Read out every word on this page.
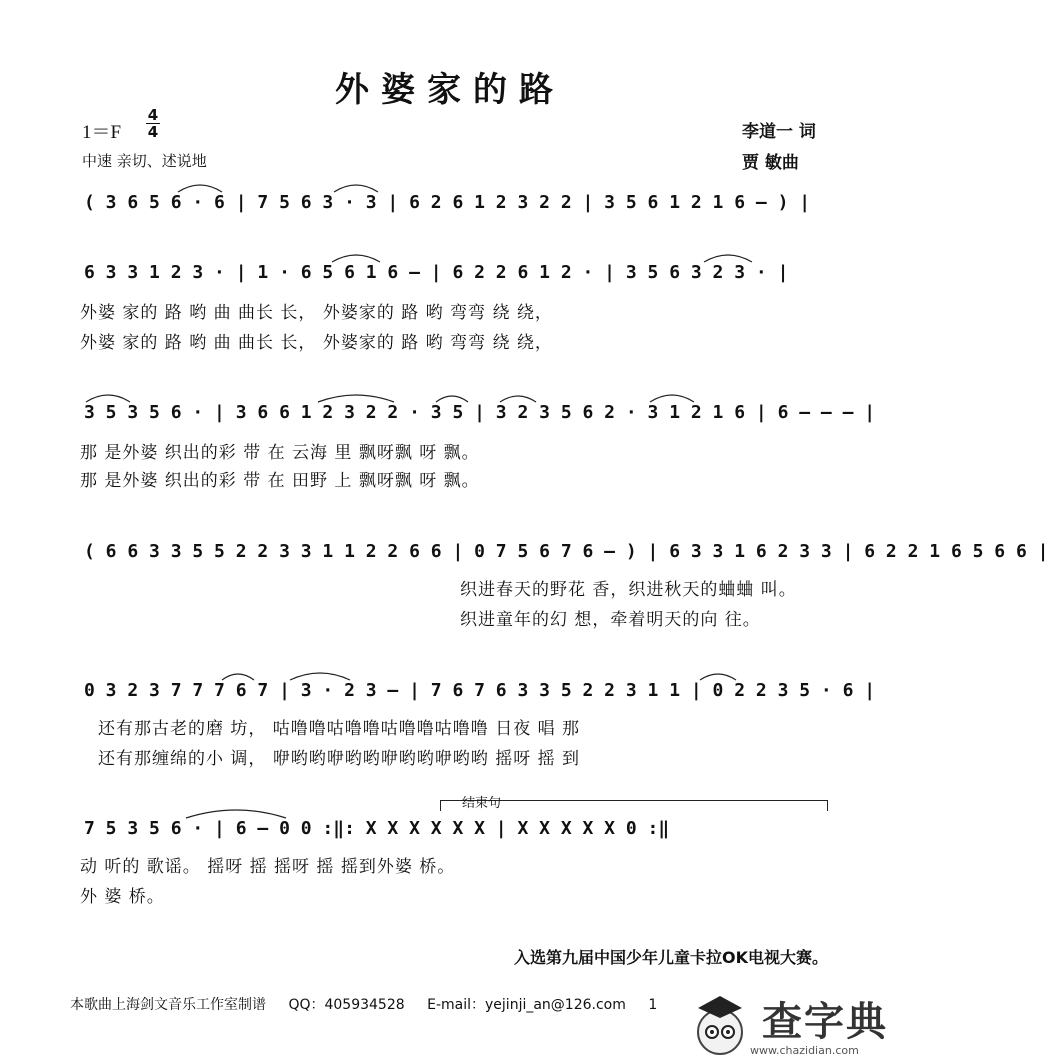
外婆家的路
1＝F
4
4
中速 亲切、述说地
李道一 词
贾 敏曲
( 3 6 5 6 · 6 | 7 5 6 3 · 3 | 6 2 6 1 2 3 2 2 | 3 5 6 1 2 1 6 – ) |
6 3 3 1 2 3 · | 1 · 6 5 6 1 6 – | 6 2 2 6 1 2 · | 3 5 6 3 2 3 · |
外婆 家的 路 哟 曲 曲长 长， 外婆家的 路 哟 弯弯 绕 绕，
外婆 家的 路 哟 曲 曲长 长， 外婆家的 路 哟 弯弯 绕 绕，
3 5 3 5 6 · | 3 6 6 1 2 3 2 2 · 3 5 | 3 2 3 5 6 2 · 3 1 2 1 6 | 6 – – – |
那 是外婆 织出的彩 带 在 云海 里 飘呀飘 呀 飘。
那 是外婆 织出的彩 带 在 田野 上 飘呀飘 呀 飘。
( 6 6 3 3 5 5 2 2 3 3 1 1 2 2 6 6 | 0 7 5 6 7 6 – ) | 6 3 3 1 6 2 3 3 | 6 2 2 1 6 5 6 6 |
织进春天的野花 香，织进秋天的蛐蛐 叫。
织进童年的幻 想，牵着明天的向 往。
0 3 2 3 7 7 7 6 7 | 3 · 2 3 – | 7 6 7 6 3 3 5 2 2 3 1 1 | 0 2 2 3 5 · 6 |
还有那古老的磨 坊， 咕噜噜咕噜噜咕噜噜咕噜噜 日夜 唱 那
还有那缠绵的小 调， 咿哟哟咿哟哟咿哟哟咿哟哟 摇呀 摇 到
结束句
7 5 3 5 6 · | 6 – 0 0 :‖: X X X X X X | X X X X X 0 :‖
动 听的 歌谣。 摇呀 摇 摇呀 摇 摇到外婆 桥。
外 婆 桥。
入选第九届中国少年儿童卡拉OK电视大赛。
本歌曲上海剑文音乐工作室制谱 QQ：405934528 E-mail：yejinji_an@126.com 1	查字典
www.chazidian.com
